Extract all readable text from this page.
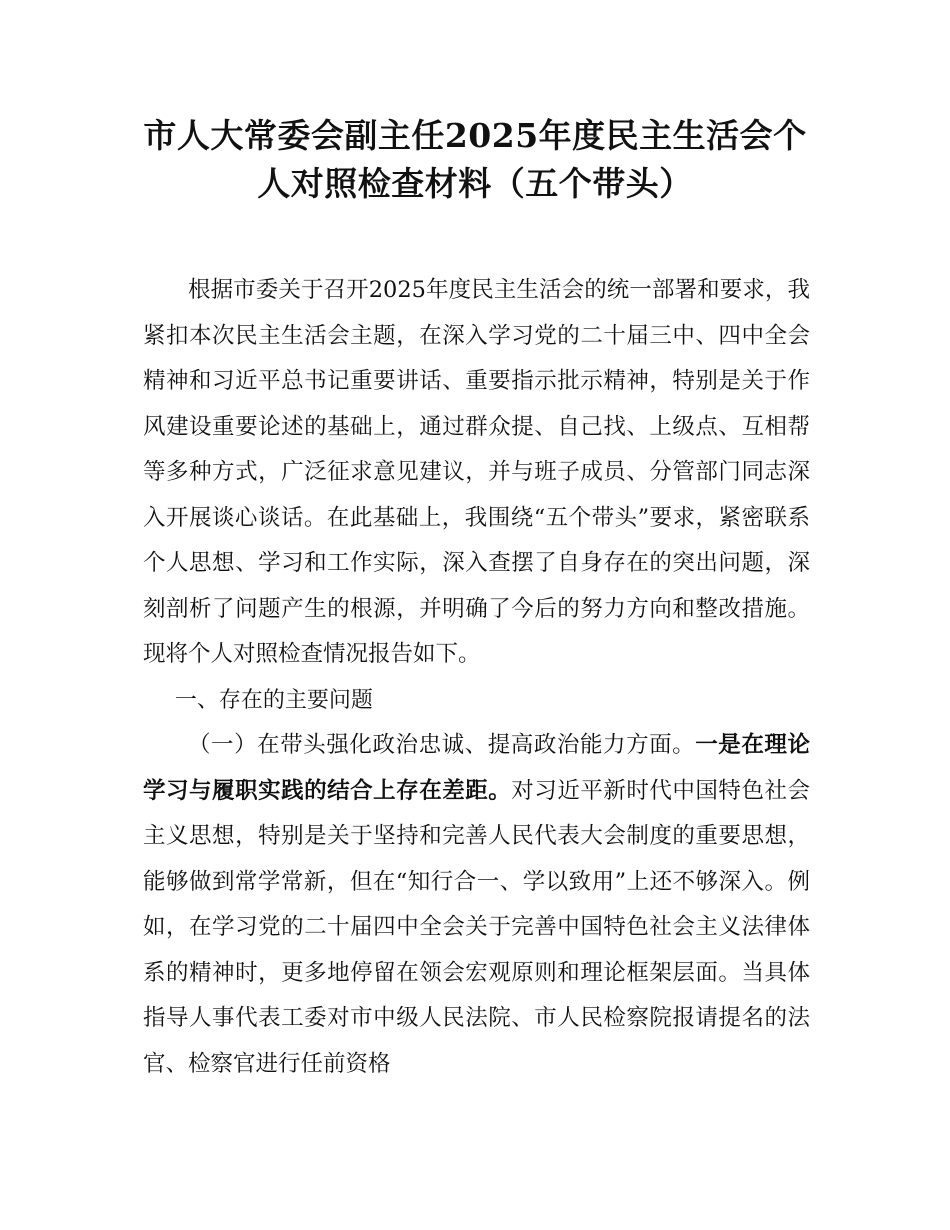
市人大常委会副主任2025年度民主生活会个
人对照检查材料（五个带头）

根据市委关于召开2025年度民主生活会的统一部署和要求，我紧扣本次民主生活会主题，在深入学习党的二十届三中、四中全会精神和习近平总书记重要讲话、重要指示批示精神，特别是关于作风建设重要论述的基础上，通过群众提、自己找、上级点、互相帮等多种方式，广泛征求意见建议，并与班子成员、分管部门同志深入开展谈心谈话。在此基础上，我围绕“五个带头”要求，紧密联系个人思想、学习和工作实际，深入查摆了自身存在的突出问题，深刻剖析了问题产生的根源，并明确了今后的努力方向和整改措施。现将个人对照检查情况报告如下。

一、存在的主要问题

（一）在带头强化政治忠诚、提高政治能力方面。一是在理论学习与履职实践的结合上存在差距。对习近平新时代中国特色社会主义思想，特别是关于坚持和完善人民代表大会制度的重要思想，能够做到常学常新，但在“知行合一、学以致用”上还不够深入。例如，在学习党的二十届四中全会关于完善中国特色社会主义法律体系的精神时，更多地停留在领会宏观原则和理论框架层面。当具体指导人事代表工委对市中级人民法院、市人民检察院报请提名的法官、检察官进行任前资格
